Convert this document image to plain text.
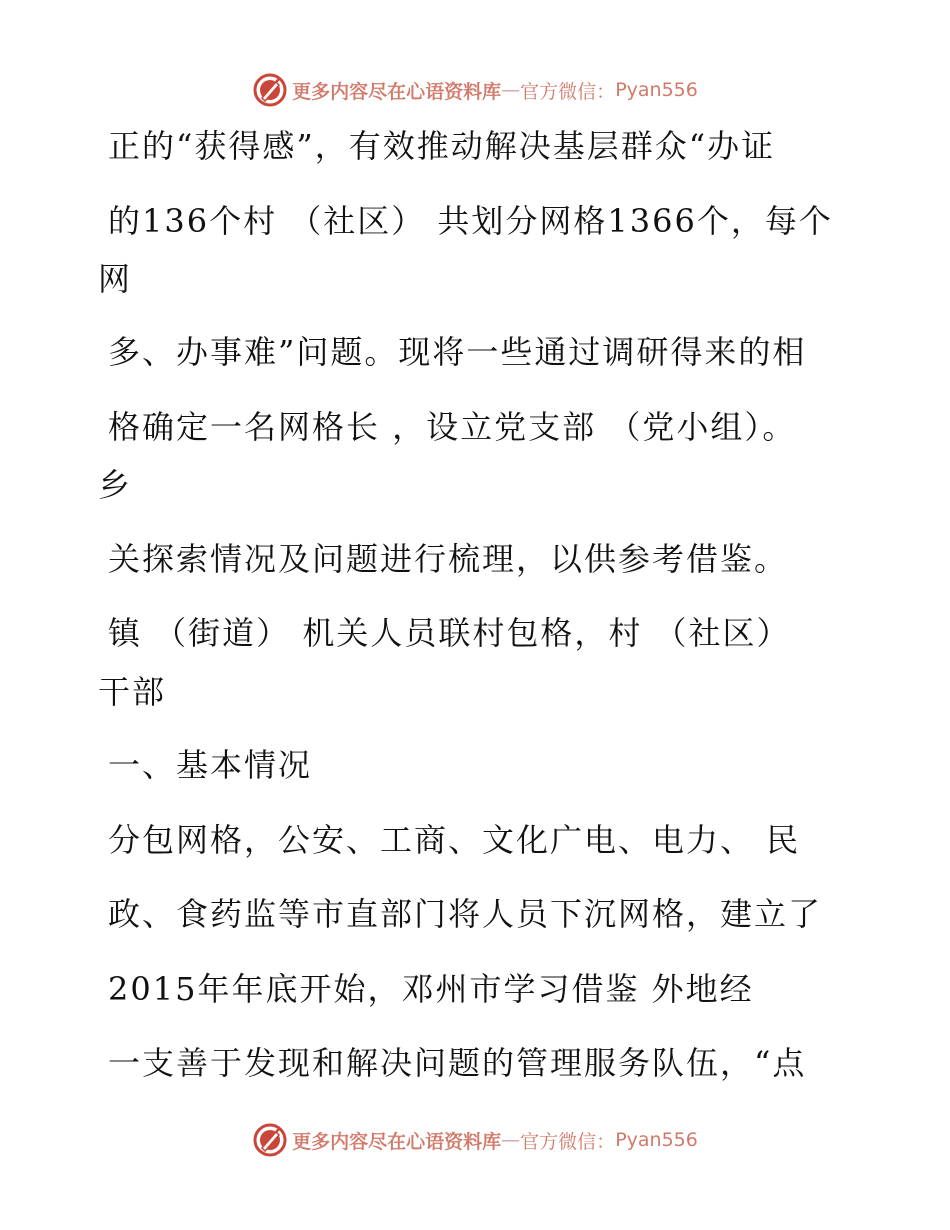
更多内容尽在心语资料库 — 官方微信： Pyan556
正的“获得感”，有效推动解决基层群众“办证
的136个村 （社区） 共划分网格1366个，每个
网
多、办事难”问题。现将一些通过调研得来的相
格确定一名网格长 ，设立党支部 （党小组）。
乡
关探索情况及问题进行梳理，以供参考借鉴。
镇 （街道） 机关人员联村包格，村 （社区）
干部
一、基本情况
分包网格，公安、工商、文化广电、电力、 民
政、食药监等市直部门将人员下沉网格，建立了
2015年年底开始，邓州市学习借鉴 外地经
一支善于发现和解决问题的管理服务队伍，“点
更多内容尽在心语资料库 — 官方微信： Pyan556
